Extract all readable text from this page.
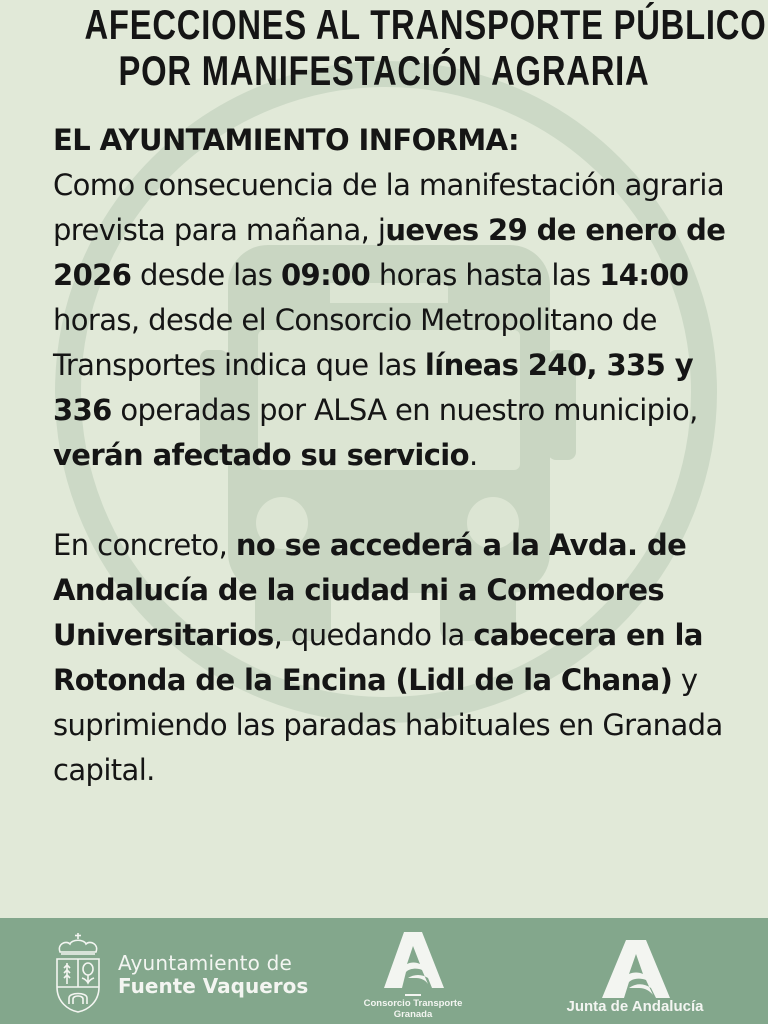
AFECCIONES AL TRANSPORTE PÚBLICO
POR MANIFESTACIÓN AGRARIA
EL AYUNTAMIENTO INFORMA:
Como consecuencia de la manifestación agraria prevista para mañana, jueves 29 de enero de 2026 desde las 09:00 horas hasta las 14:00 horas, desde el Consorcio Metropolitano de Transportes indica que las líneas 240, 335 y 336 operadas por ALSA en nuestro municipio, verán afectado su servicio.
En concreto, no se accederá a la Avda. de Andalucía de la ciudad ni a Comedores Universitarios, quedando la cabecera en la Rotonda de la Encina (Lidl de la Chana) y suprimiendo las paradas habituales en Granada capital.
Ayuntamiento de
Fuente Vaqueros
Consorcio Transporte
Granada	Junta de Andalucía
